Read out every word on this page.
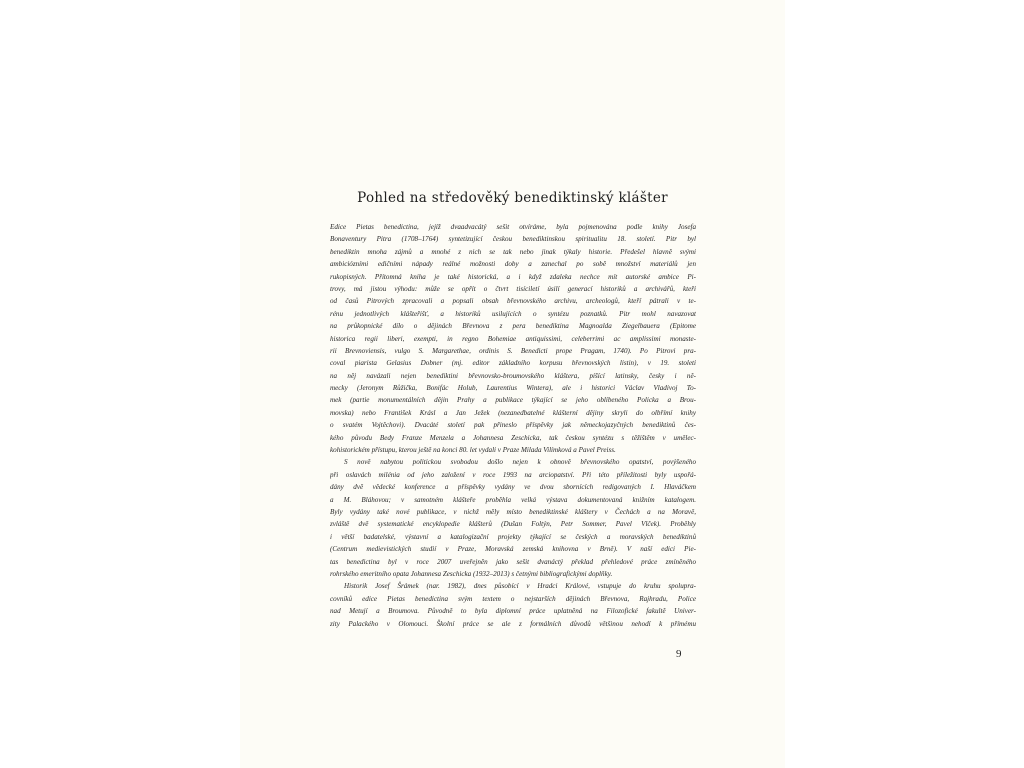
Pohled na středověký benediktinský klášter
Edice Pietas benedictina, jejíž dvaadvacátý sešit otvíráme, byla pojmenována podle knihy Josefa
Bonaventury Pitra (1708–1764) syntetizující českou benediktinskou spiritualitu 18. století. Pitr byl
benediktin mnoha zájmů a mnohé z nich se tak nebo jinak týkaly historie. Předešel hlavně svými
ambiciózními edičními nápady reálné možnosti doby a zanechal po sobě množství materiálů jen
rukopisných. Přítomná kniha je také historická, a i když zdaleka nechce mít autorské ambice Pi-
trovy, má jistou výhodu: může se opřít o čtvrt tisíciletí úsilí generací historiků a archivářů, kteří
od časů Pitrových zpracovali a popsali obsah břevnovského archivu, archeologů, kteří pátrali v te-
rénu jednotlivých klášteřišť, a historiků usilujících o syntézu poznatků. Pitr mohl navazovat
na průkopnické dílo o dějinách Břevnova z pera benediktina Magnoalda Ziegelbauera (Epitome
historica regii liberi, exempti, in regno Bohemiae antiquissimi, celeberrimi ac amplissimi monaste-
rii Brevnoviensis, vulgo S. Margarethae, ordinis S. Benedicti prope Pragam, 1740). Po Pitrovi pra-
coval piarista Gelasius Dobner (mj. editor základního korpusu břevnovských listin), v 19. století
na něj navázali nejen benediktini břevnovsko-broumovského kláštera, píšící latinsky, česky i ně-
mecky (Jeronym Růžička, Bonifác Holub, Laurentius Wintera), ale i historici Václav Vladivoj To-
mek (partie monumentálních dějin Prahy a publikace týkající se jeho oblíbeného Policka a Brou-
movska) nebo František Krásl a Jan Ježek (nezanedbatelné klášterní dějiny skryli do olbřímí knihy
o svatém Vojtěchovi). Dvacáté století pak přineslo příspěvky jak německojazyčných benediktinů čes-
kého původu Bedy Franze Menzela a Johannesa Zeschicka, tak českou syntézu s těžištěm v umělec-
kohistorickém přístupu, kterou ještě na konci 80. let vydali v Praze Milada Vilímková a Pavel Preiss.
S nově nabytou politickou svobodou došlo nejen k obnově břevnovského opatství, povýšeného
při oslavách milénia od jeho založení v roce 1993 na arciopatství. Při této příležitosti byly uspořá-
dány dvě vědecké konference a příspěvky vydány ve dvou sbornících redigovaných I. Hlaváčkem
a M. Bláhovou; v samotném klášteře proběhla velká výstava dokumentovaná knižním katalogem.
Byly vydány také nové publikace, v nichž měly místo benediktinské kláštery v Čechách a na Moravě,
zvláště dvě systematické encyklopedie klášterů (Dušan Foltýn, Petr Sommer, Pavel Vlček). Proběhly
i větší badatelské, výstavní a katalogizační projekty týkající se českých a moravských benediktinů
(Centrum medievistických studií v Praze, Moravská zemská knihovna v Brně). V naší edici Pie-
tas benedictina byl v roce 2007 uveřejněn jako sešit dvanáctý překlad přehledové práce zmíněného
rohrského emeritního opata Johannesa Zeschicka (1932–2013) s četnými bibliografickými doplňky.
Historik Josef Šrámek (nar. 1982), dnes působící v Hradci Králové, vstupuje do kruhu spolupra-
covníků edice Pietas benedictina svým textem o nejstarších dějinách Břevnova, Rajhradu, Police
nad Metují a Broumova. Původně to byla diplomní práce uplatněná na Filozofické fakultě Univer-
zity Palackého v Olomouci. Školní práce se ale z formálních důvodů většinou nehodí k přímému
9
